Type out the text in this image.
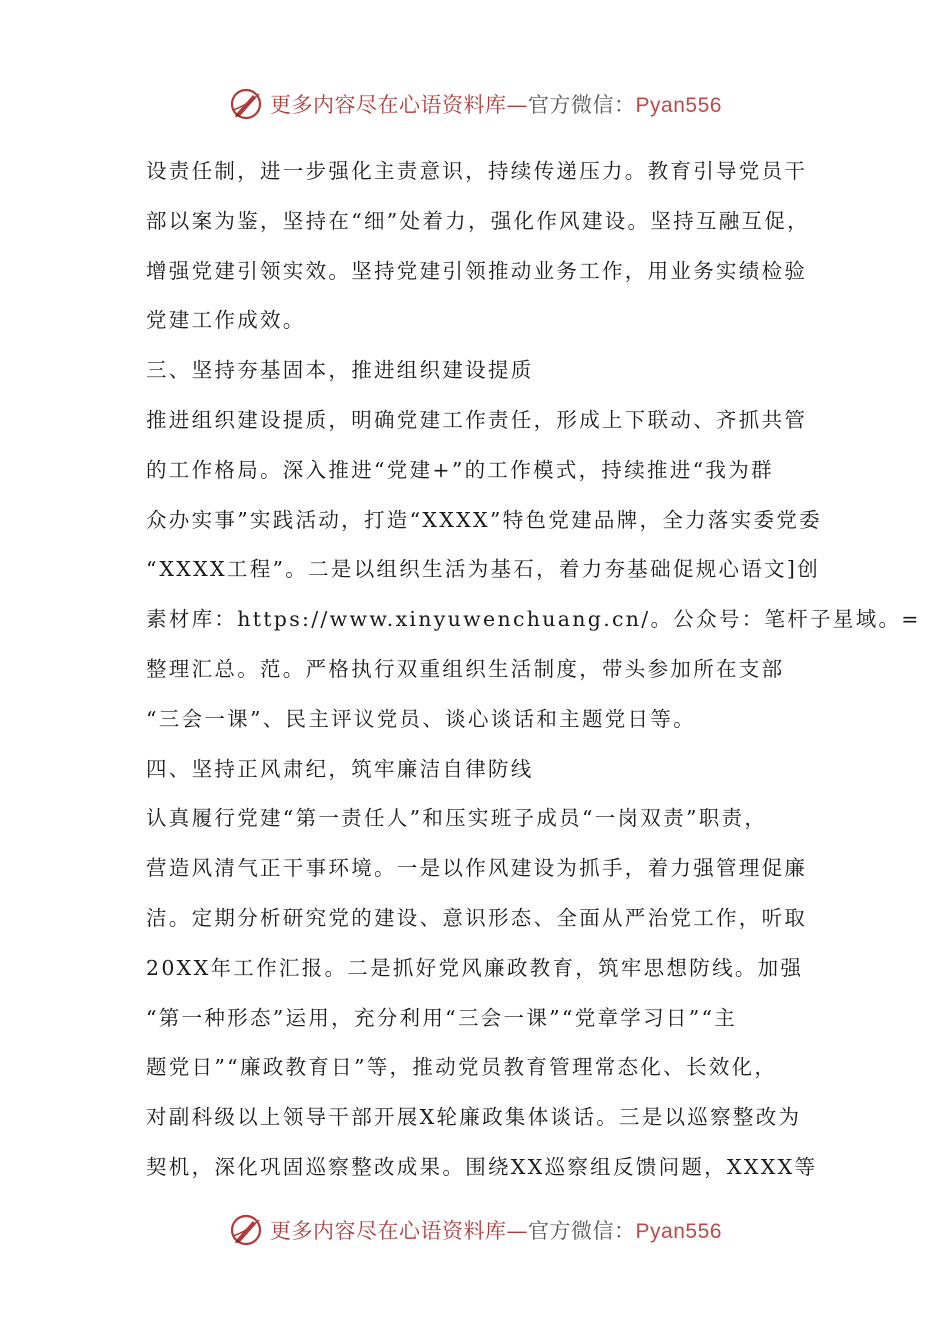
更多内容尽在心语资料库—官方微信：Pyan556
设责任制，进一步强化主责意识，持续传递压力。教育引导党员干
部以案为鉴，坚持在“细”处着力，强化作风建设。坚持互融互促，
增强党建引领实效。坚持党建引领推动业务工作，用业务实绩检验
党建工作成效。
三、坚持夯基固本，推进组织建设提质
推进组织建设提质，明确党建工作责任，形成上下联动、齐抓共管
的工作格局。深入推进“党建+”的工作模式，持续推进“我为群
众办实事”实践活动，打造“XXXX”特色党建品牌，全力落实委党委
“XXXX工程”。二是以组织生活为基石，着力夯基础促规心语文]创
素材库：https://www.xinyuwenchuang.cn/。公众号：笔杆子星域。=
整理汇总。范。严格执行双重组织生活制度，带头参加所在支部
“三会一课”、民主评议党员、谈心谈话和主题党日等。
四、坚持正风肃纪，筑牢廉洁自律防线
认真履行党建“第一责任人”和压实班子成员“一岗双责”职责，
营造风清气正干事环境。一是以作风建设为抓手，着力强管理促廉
洁。定期分析研究党的建设、意识形态、全面从严治党工作，听取
20XX年工作汇报。二是抓好党风廉政教育，筑牢思想防线。加强
“第一种形态”运用，充分利用“三会一课”“党章学习日”“主
题党日”“廉政教育日”等，推动党员教育管理常态化、长效化，
对副科级以上领导干部开展X轮廉政集体谈话。三是以巡察整改为
契机，深化巩固巡察整改成果。围绕XX巡察组反馈问题，XXXX等
更多内容尽在心语资料库—官方微信：Pyan556
